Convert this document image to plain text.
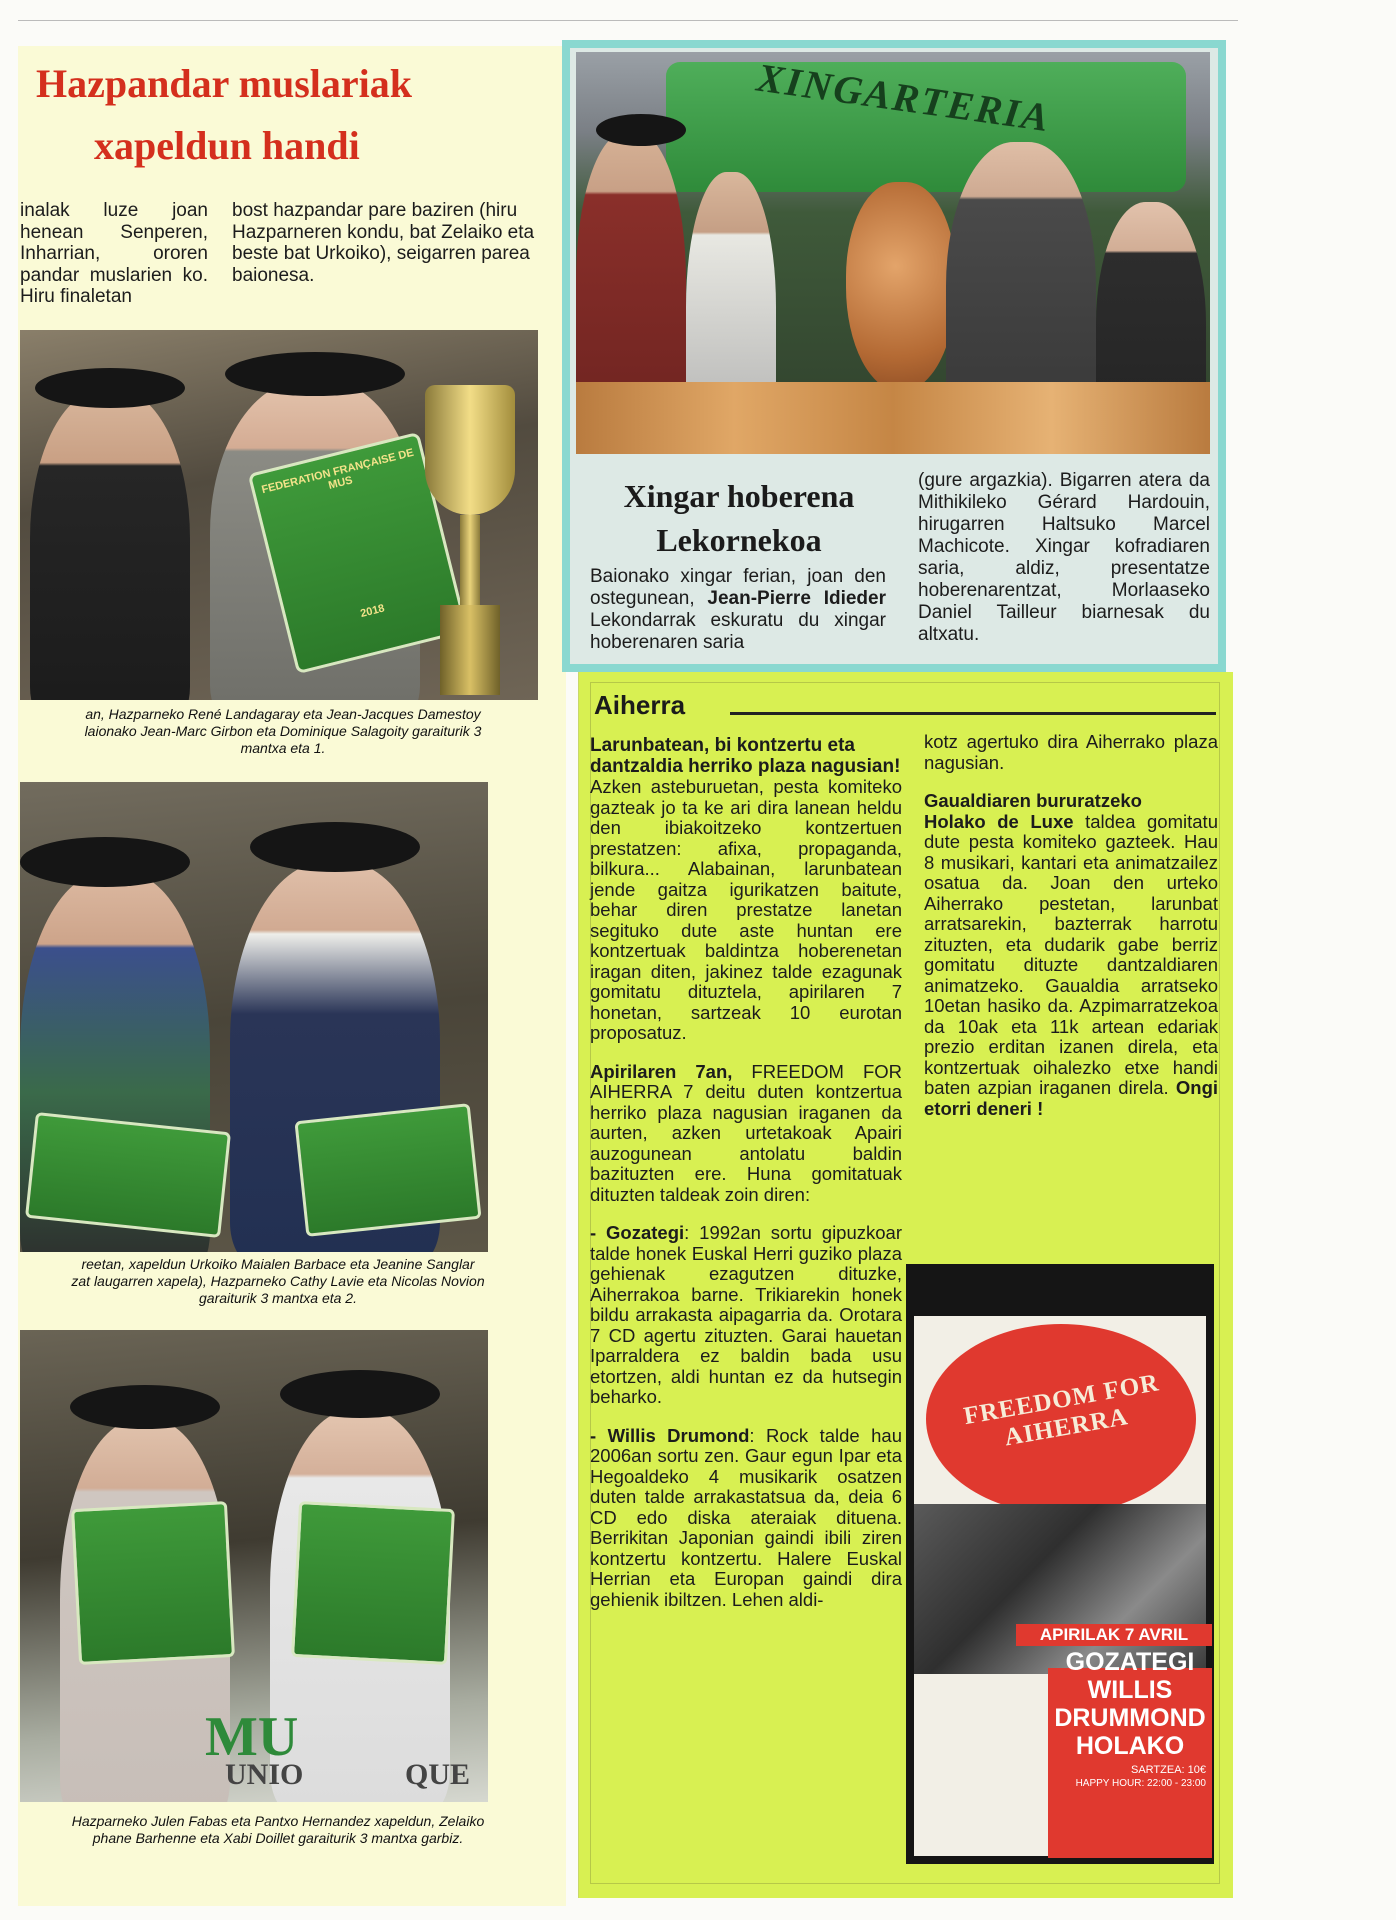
Hazpandar muslariak
xapeldun handi
inalak luze joan henean Senperen, Inharrian, ororen pandar muslarien ko. Hiru finaletan
bost hazpandar pare baziren (hiru Hazparneren kondu, bat Zelaiko eta beste bat Urkoiko), seigarren parea baionesa.
FEDERATION FRANÇAISE DE MUS
2018
an, Hazparneko René Landagaray eta Jean-Jacques Damestoy
laionako Jean-Marc Girbon eta Dominique Salagoity garaiturik 3
mantxa eta 1.
reetan, xapeldun Urkoiko Maialen Barbace eta Jeanine Sanglar
zat laugarren xapela), Hazparneko Cathy Lavie eta Nicolas Novion
garaiturik 3 mantxa eta 2.
MU
UNIO	QUE
Hazparneko Julen Fabas eta Pantxo Hernandez xapeldun, Zelaiko
phane Barhenne eta Xabi Doillet garaiturik 3 mantxa garbiz.
XINGARTERIA
Xingar hoberena
Lekornekoa
Baionako xingar ferian, joan den ostegunean, Jean-Pierre Idieder Lekondarrak eskuratu du xingar hoberenaren saria
(gure argazkia). Bigarren atera da Mithikileko Gérard Hardouin, hirugarren Haltsuko Marcel Machicote. Xingar kofradiaren saria, aldiz, presentatze hoberenarentzat, Morlaaseko Daniel Tailleur biarnesak du altxatu.
Aiherra
Larunbatean, bi kontzertu eta dantzaldia herriko plaza nagusian!
Azken asteburuetan, pesta komiteko gazteak jo ta ke ari dira lanean heldu den ibiakoitzeko kontzertuen prestatzen: afixa, propaganda, bilkura... Alabainan, larunbatean jende gaitza igurikatzen baitute, behar diren prestatze lanetan segituko dute aste huntan ere kontzertuak baldintza hoberenetan iragan diten, jakinez talde ezagunak gomitatu dituztela, apirilaren 7 honetan, sartzeak 10 eurotan proposatuz.
Apirilaren 7an, FREEDOM FOR AIHERRA 7 deitu duten kontzertua herriko plaza nagusian iraganen da aurten, azken urtetakoak Apairi auzogunean antolatu baldin bazituzten ere. Huna gomitatuak dituzten taldeak zoin diren:
- Gozategi: 1992an sortu gipuzkoar talde honek Euskal Herri guziko plaza gehienak ezagutzen dituzke, Aiherrakoa barne. Trikiarekin honek bildu arrakasta aipagarria da. Orotara 7 CD agertu zituzten. Garai hauetan Iparraldera ez baldin bada usu etortzen, aldi huntan ez da hutsegin beharko.
- Willis Drumond: Rock talde hau 2006an sortu zen. Gaur egun Ipar eta Hegoaldeko 4 musikarik osatzen duten talde arrakastatsua da, deia 6 CD edo diska ateraiak dituena. Berrikitan Japonian gaindi ibili ziren kontzertu kontzertu. Halere Euskal Herrian eta Europan gaindi dira gehienik ibiltzen. Lehen aldi-
kotz agertuko dira Aiherrako plaza nagusian.
Gaualdiaren bururatzeko
Holako de Luxe taldea gomitatu dute pesta komiteko gazteek. Hau 8 musikari, kantari eta animatzailez osatua da. Joan den urteko Aiherrako pestetan, larunbat arratsarekin, bazterrak harrotu zituzten, eta dudarik gabe berriz gomitatu dituzte dantzaldiaren animatzeko. Gaualdia arratseko 10etan hasiko da. Azpimarratzekoa da 10ak eta 11k artean edariak prezio erditan izanen direla, eta kontzertuak oihalezko etxe handi baten azpian iraganen direla. Ongi etorri deneri !
FREEDOM FOR AIHERRA
APIRILAK 7 AVRIL
GOZATEGI
WILLIS
DRUMMOND
HOLAKO
SARTZEA: 10€
HAPPY HOUR: 22:00 - 23:00
